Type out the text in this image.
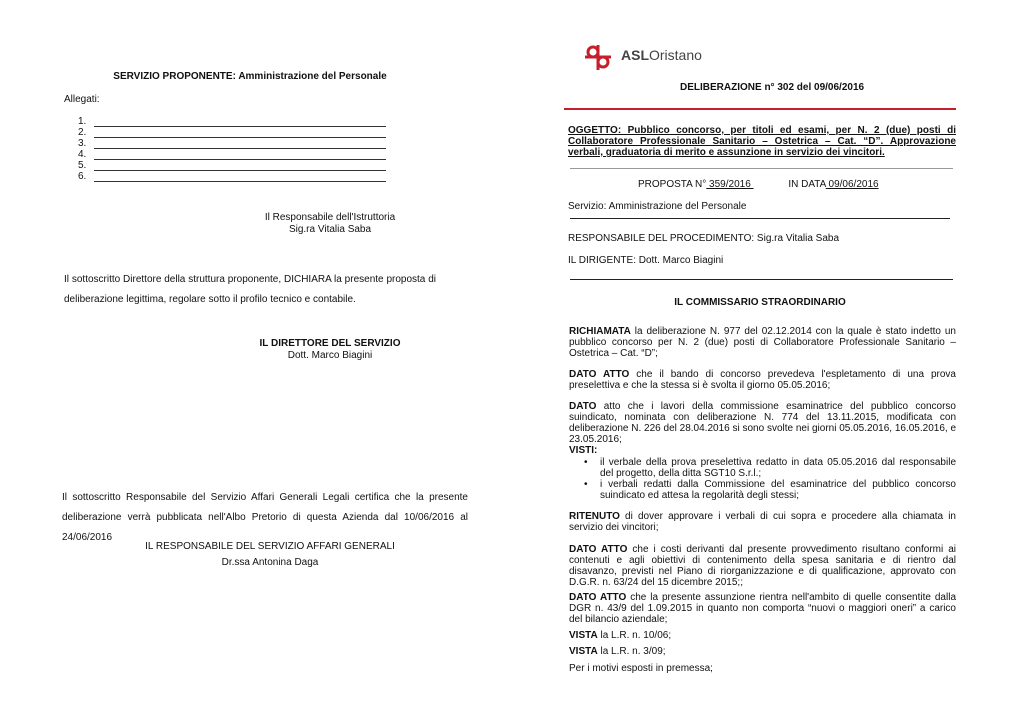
SERVIZIO PROPONENTE: Amministrazione del Personale
Allegati:
1.
2.
3.
4.
5.
6.
Il Responsabile dell'Istruttoria
Sig.ra Vitalia Saba
Il sottoscritto Direttore della struttura proponente, DICHIARA la presente proposta di deliberazione legittima, regolare sotto il profilo tecnico e contabile.
IL DIRETTORE DEL SERVIZIO
Dott. Marco Biagini
Il sottoscritto Responsabile del Servizio Affari Generali Legali certifica che la presente deliberazione verrà pubblicata nell'Albo Pretorio di questa Azienda dal 10/06/2016 al 24/06/2016
IL RESPONSABILE DEL SERVIZIO AFFARI GENERALI
Dr.ssa Antonina Daga
ASLOristano
DELIBERAZIONE n° 302 del 09/06/2016
OGGETTO: Pubblico concorso, per titoli ed esami, per N. 2 (due) posti di Collaboratore Professionale Sanitario – Ostetrica – Cat. “D”. Approvazione verbali, graduatoria di merito e assunzione in servizio dei vincitori.
PROPOSTA N° 359/2016	IN DATA 09/06/2016
Servizio: Amministrazione del Personale
RESPONSABILE DEL PROCEDIMENTO: Sig.ra Vitalia Saba
IL DIRIGENTE: Dott. Marco Biagini
IL COMMISSARIO STRAORDINARIO
RICHIAMATA la deliberazione N. 977 del 02.12.2014 con la quale è stato indetto un pubblico concorso per N. 2 (due) posti di Collaboratore Professionale Sanitario – Ostetrica – Cat. “D”;
DATO ATTO che il bando di concorso prevedeva l'espletamento di una prova preselettiva e che la stessa si è svolta il giorno 05.05.2016;
DATO atto che i lavori della commissione esaminatrice del pubblico concorso suindicato, nominata con deliberazione N. 774 del 13.11.2015, modificata con deliberazione N. 226 del 28.04.2016 si sono svolte nei giorni 05.05.2016, 16.05.2016, e 23.05.2016;
VISTI:
• il verbale della prova preselettiva redatto in data 05.05.2016 dal responsabile del progetto, della ditta SGT10 S.r.l.;
• i verbali redatti dalla Commissione del esaminatrice del pubblico concorso suindicato ed attesa la regolarità degli stessi;
RITENUTO di dover approvare i verbali di cui sopra e procedere alla chiamata in servizio dei vincitori;
DATO ATTO che i costi derivanti dal presente provvedimento risultano conformi ai contenuti e agli obiettivi di contenimento della spesa sanitaria e di rientro dal disavanzo, previsti nel Piano di riorganizzazione e di qualificazione, approvato con D.G.R. n. 63/24 del 15 dicembre 2015;;
DATO ATTO che la presente assunzione rientra nell'ambito di quelle consentite dalla DGR n. 43/9 del 1.09.2015 in quanto non comporta “nuovi o maggiori oneri” a carico del bilancio aziendale;
VISTA la L.R. n. 10/06;
VISTA la L.R. n. 3/09;
Per i motivi esposti in premessa;
